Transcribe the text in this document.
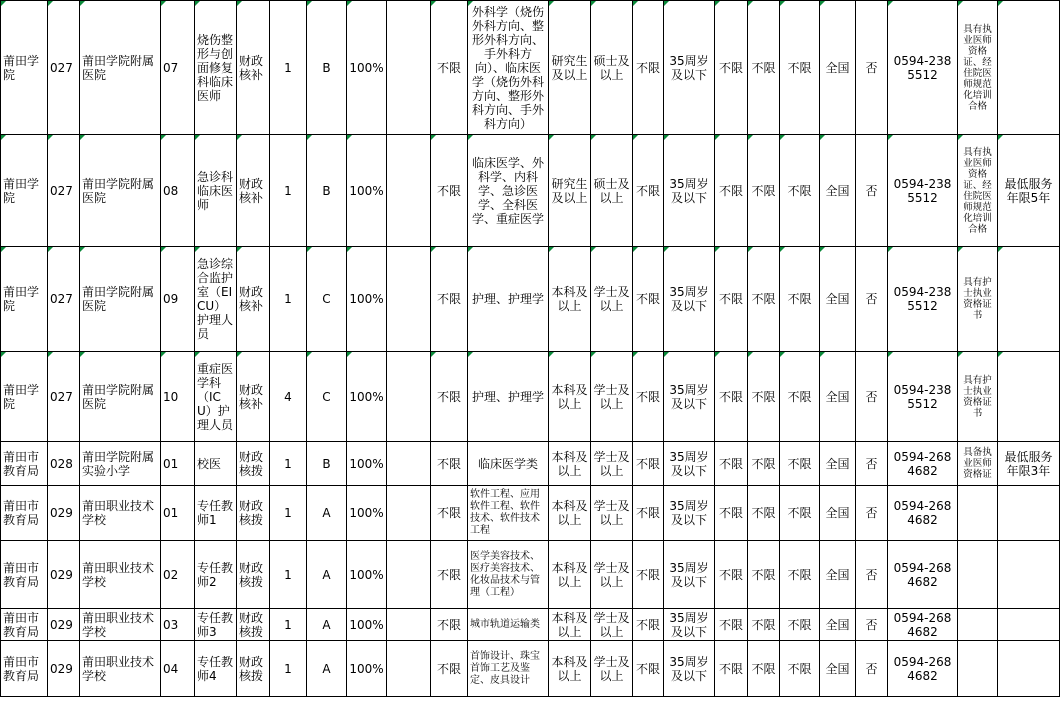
莆田学院	027	莆田学院附属医院	07	烧伤整形与创面修复科临床医师	财政核补	1	B	100%		不限	外科学（烧伤外科方向、整形外科方向、手外科方向）、临床医学（烧伤外科方向、整形外科方向、手外科方向）	研究生及以上	硕士及以上	不限	35周岁及以下	不限	不限	不限	全国	否	0594-2385512	具有执业医师资格证、经住院医师规范化培训合格	
莆田学院	027	莆田学院附属医院	08	急诊科临床医师	财政核补	1	B	100%		不限	临床医学、外科学、内科学、急诊医学、全科医学、重症医学	研究生及以上	硕士及以上	不限	35周岁及以下	不限	不限	不限	全国	否	0594-2385512	具有执业医师资格证、经住院医师规范化培训合格	最低服务年限5年
莆田学院	027	莆田学院附属医院	09	急诊综合监护室（EICU）护理人员	财政核补	1	C	100%		不限	护理、护理学	本科及以上	学士及以上	不限	35周岁及以下	不限	不限	不限	全国	否	0594-2385512	具有护士执业资格证书	
莆田学院	027	莆田学院附属医院	10	重症医学科（ICU）护理人员	财政核补	4	C	100%		不限	护理、护理学	本科及以上	学士及以上	不限	35周岁及以下	不限	不限	不限	全国	否	0594-2385512	具有护士执业资格证书	
莆田市教育局	028	莆田学院附属实验小学	01	校医	财政核拨	1	B	100%		不限	临床医学类	本科及以上	学士及以上	不限	35周岁及以下	不限	不限	不限	全国	否	0594-2684682	具备执业医师资格证	最低服务年限3年
莆田市教育局	029	莆田职业技术学校	01	专任教师1	财政核拨	1	A	100%		不限	软件工程、应用软件工程、软件技术、软件技术工程	本科及以上	学士及以上	不限	35周岁及以下	不限	不限	不限	全国	否	0594-2684682		
莆田市教育局	029	莆田职业技术学校	02	专任教师2	财政核拨	1	A	100%		不限	医学美容技术、医疗美容技术、化妆品技术与管理（工程）	本科及以上	学士及以上	不限	35周岁及以下	不限	不限	不限	全国	否	0594-2684682		
莆田市教育局	029	莆田职业技术学校	03	专任教师3	财政核拨	1	A	100%		不限	城市轨道运输类	本科及以上	学士及以上	不限	35周岁及以下	不限	不限	不限	全国	否	0594-2684682		
莆田市教育局	029	莆田职业技术学校	04	专任教师4	财政核拨	1	A	100%		不限	首饰设计、珠宝首饰工艺及鉴定、皮具设计	本科及以上	学士及以上	不限	35周岁及以下	不限	不限	不限	全国	否	0594-2684682		
